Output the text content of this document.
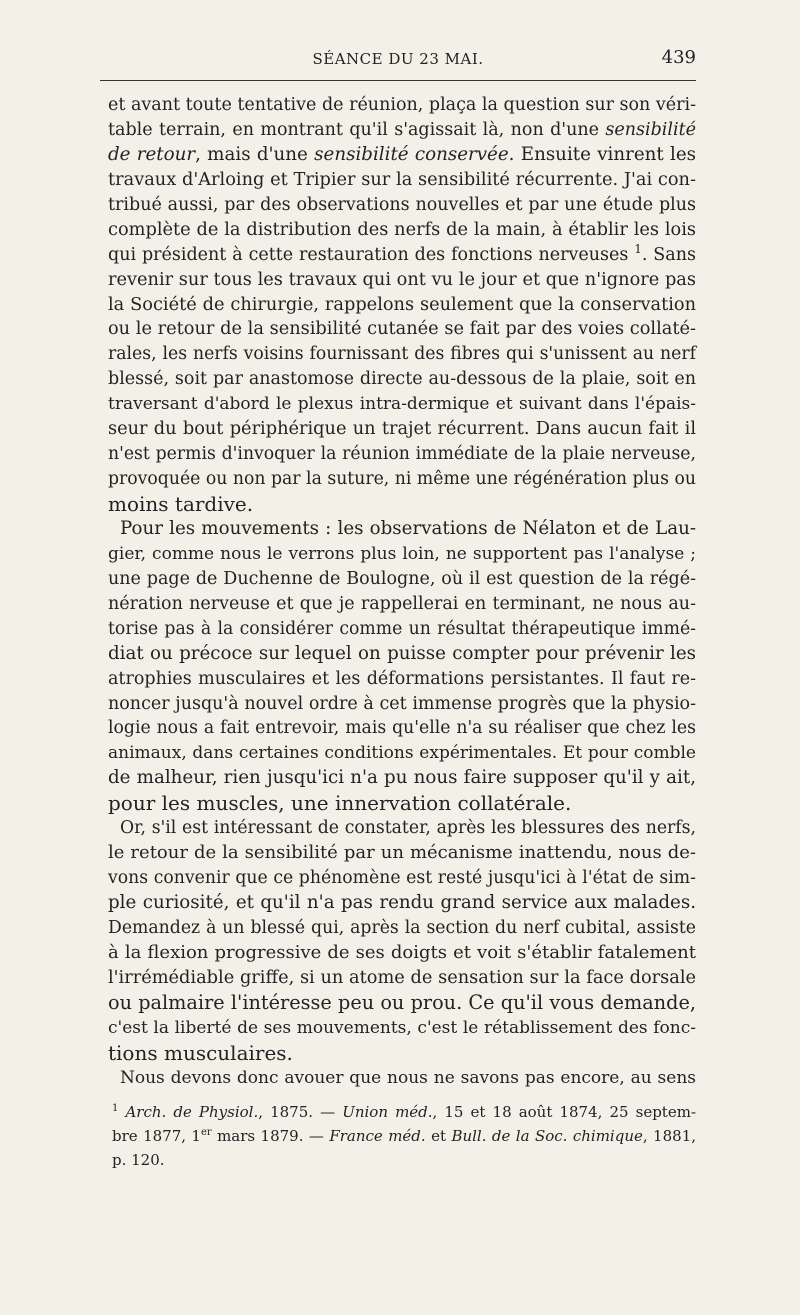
SÉANCE DU 23 MAI.	439
et avant toute tentative de réunion, plaça la question sur son véri-
table terrain, en montrant qu'il s'agissait là, non d'une sensibilité
de retour, mais d'une sensibilité conservée. Ensuite vinrent les
travaux d'Arloing et Tripier sur la sensibilité récurrente. J'ai con-
tribué aussi, par des observations nouvelles et par une étude plus
complète de la distribution des nerfs de la main, à établir les lois
qui président à cette restauration des fonctions nerveuses $^1$. Sans
revenir sur tous les travaux qui ont vu le jour et que n'ignore pas
la Société de chirurgie, rappelons seulement que la conservation
ou le retour de la sensibilité cutanée se fait par des voies collaté-
rales, les nerfs voisins fournissant des fibres qui s'unissent au nerf
blessé, soit par anastomose directe au-dessous de la plaie, soit en
traversant d'abord le plexus intra-dermique et suivant dans l'épais-
seur du bout périphérique un trajet récurrent. Dans aucun fait il
n'est permis d'invoquer la réunion immédiate de la plaie nerveuse,
provoquée ou non par la suture, ni même une régénération plus ou
moins tardive.
Pour les mouvements : les observations de Nélaton et de Lau-
gier, comme nous le verrons plus loin, ne supportent pas l'analyse ;
une page de Duchenne de Boulogne, où il est question de la régé-
nération nerveuse et que je rappellerai en terminant, ne nous au-
torise pas à la considérer comme un résultat thérapeutique immé-
diat ou précoce sur lequel on puisse compter pour prévenir les
atrophies musculaires et les déformations persistantes. Il faut re-
noncer jusqu'à nouvel ordre à cet immense progrès que la physio-
logie nous a fait entrevoir, mais qu'elle n'a su réaliser que chez les
animaux, dans certaines conditions expérimentales. Et pour comble
de malheur, rien jusqu'ici n'a pu nous faire supposer qu'il y ait,
pour les muscles, une innervation collatérale.
Or, s'il est intéressant de constater, après les blessures des nerfs,
le retour de la sensibilité par un mécanisme inattendu, nous de-
vons convenir que ce phénomène est resté jusqu'ici à l'état de sim-
ple curiosité, et qu'il n'a pas rendu grand service aux malades.
Demandez à un blessé qui, après la section du nerf cubital, assiste
à la flexion progressive de ses doigts et voit s'établir fatalement
l'irrémédiable griffe, si un atome de sensation sur la face dorsale
ou palmaire l'intéresse peu ou prou. Ce qu'il vous demande,
c'est la liberté de ses mouvements, c'est le rétablissement des fonc-
tions musculaires.
Nous devons donc avouer que nous ne savons pas encore, au sens
$^1$ Arch. de Physiol., 1875. — Union méd., 15 et 18 août 1874, 25 septem-
bre 1877, 1er mars 1879. — France méd. et Bull. de la Soc. chimique, 1881,
p. 120.
